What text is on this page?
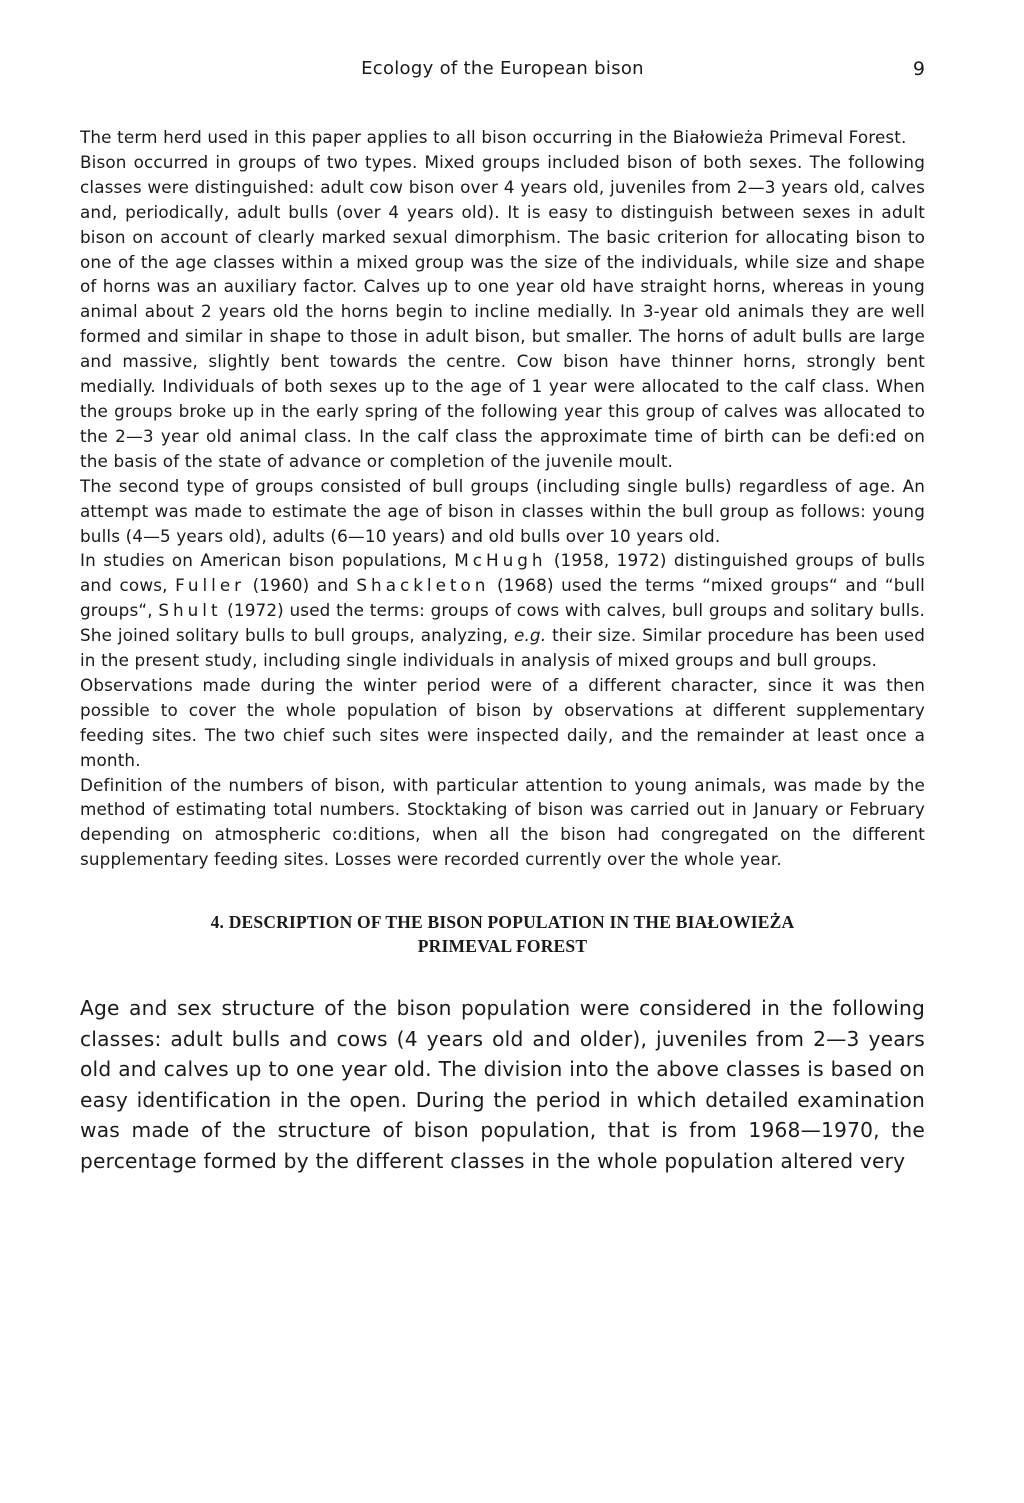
Ecology of the European bison	9

The term herd used in this paper applies to all bison occurring in the Białowieża Primeval Forest.

Bison occurred in groups of two types. Mixed groups included bison of both sexes. The following classes were distinguished: adult cow bison over 4 years old, juveniles from 2—3 years old, calves and, periodically, adult bulls (over 4 years old). It is easy to distinguish between sexes in adult bison on account of clearly marked sexual dimorphism. The basic criterion for allocating bison to one of the age classes within a mixed group was the size of the individuals, while size and shape of horns was an auxiliary factor. Calves up to one year old have straight horns, whereas in young animal about 2 years old the horns begin to incline medially. In 3-year old animals they are well formed and similar in shape to those in adult bison, but smaller. The horns of adult bulls are large and massive, slightly bent towards the centre. Cow bison have thinner horns, strongly bent medially. Individuals of both sexes up to the age of 1 year were allocated to the calf class. When the groups broke up in the early spring of the following year this group of calves was allocated to the 2—3 year old animal class. In the calf class the approximate time of birth can be defi:ed on the basis of the state of advance or completion of the juvenile moult.

The second type of groups consisted of bull groups (including single bulls) regardless of age. An attempt was made to estimate the age of bison in classes within the bull group as follows: young bulls (4—5 years old), adults (6—10 years) and old bulls over 10 years old.

In studies on American bison populations, McHugh (1958, 1972) distinguished groups of bulls and cows, Fuller (1960) and Shackleton (1968) used the terms “mixed groups“ and “bull groups“, Shult (1972) used the terms: groups of cows with calves, bull groups and solitary bulls. She joined solitary bulls to bull groups, analyzing, e.g. their size. Similar procedure has been used in the present study, including single individuals in analysis of mixed groups and bull groups.

Observations made during the winter period were of a different character, since it was then possible to cover the whole population of bison by observations at different supplementary feeding sites. The two chief such sites were inspected daily, and the remainder at least once a month.

Definition of the numbers of bison, with particular attention to young animals, was made by the method of estimating total numbers. Stocktaking of bison was carried out in January or February depending on atmospheric co:ditions, when all the bison had congregated on the different supplementary feeding sites. Losses were recorded currently over the whole year.

4. DESCRIPTION OF THE BISON POPULATION IN THE BIAŁOWIEŻA
PRIMEVAL FOREST

Age and sex structure of the bison population were considered in the following classes: adult bulls and cows (4 years old and older), juveniles from 2—3 years old and calves up to one year old. The division into the above classes is based on easy identification in the open. During the period in which detailed examination was made of the structure of bison population, that is from 1968—1970, the percentage formed by the different classes in the whole population altered very
